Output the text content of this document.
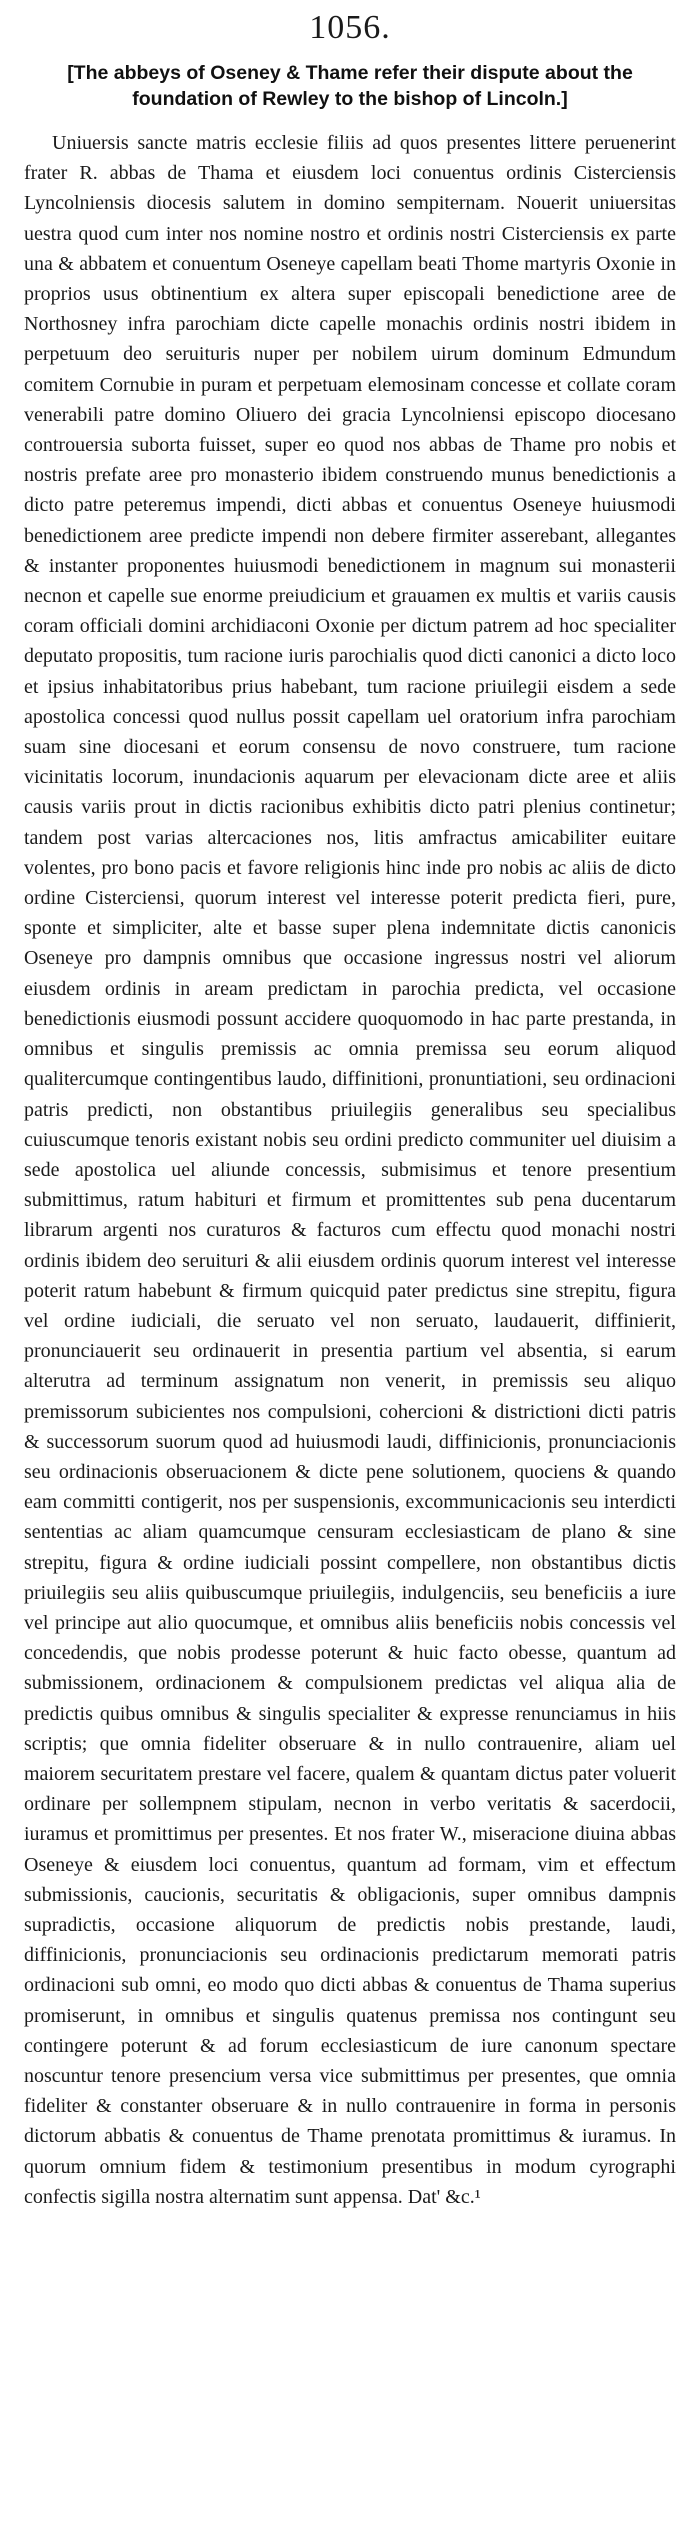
1056.
[The abbeys of Oseney & Thame refer their dispute about the foundation of Rewley to the bishop of Lincoln.]

Uniuersis sancte matris ecclesie filiis ad quos presentes littere peruenerint frater R. abbas de Thama et eiusdem loci conuentus ordinis Cisterciensis Lyncolniensis diocesis salutem in domino sempiternam. Nouerit uniuersitas uestra quod cum inter nos nomine nostro et ordinis nostri Cisterciensis ex parte una & abbatem et conuentum Oseneye capellam beati Thome martyris Oxonie in proprios usus obtinentium ex altera super episcopali benedictione aree de Northosney infra parochiam dicte capelle monachis ordinis nostri ibidem in perpetuum deo seruituris nuper per nobilem uirum dominum Edmundum comitem Cornubie in puram et perpetuam elemosinam concesse et collate coram venerabili patre domino Oliuero dei gracia Lyncolniensi episcopo diocesano controuersia suborta fuisset, super eo quod nos abbas de Thame pro nobis et nostris prefate aree pro monasterio ibidem construendo munus benedictionis a dicto patre peteremus impendi, dicti abbas et conuentus Oseneye huiusmodi benedictionem aree predicte impendi non debere firmiter asserebant, allegantes & instanter proponentes huiusmodi benedictionem in magnum sui monasterii necnon et capelle sue enorme preiudicium et grauamen ex multis et variis causis coram officiali domini archidiaconi Oxonie per dictum patrem ad hoc specialiter deputato propositis, tum racione iuris parochialis quod dicti canonici a dicto loco et ipsius inhabitatoribus prius habebant, tum racione priuilegii eisdem a sede apostolica concessi quod nullus possit capellam uel oratorium infra parochiam suam sine diocesani et eorum consensu de novo construere, tum racione vicinitatis locorum, inundacionis aquarum per elevacionam dicte aree et aliis causis variis prout in dictis racionibus exhibitis dicto patri plenius continetur; tandem post varias altercaciones nos, litis amfractus amicabiliter euitare volentes, pro bono pacis et favore religionis hinc inde pro nobis ac aliis de dicto ordine Cisterciensi, quorum interest vel interesse poterit predicta fieri, pure, sponte et simpliciter, alte et basse super plena indemnitate dictis canonicis Oseneye pro dampnis omnibus que occasione ingressus nostri vel aliorum eiusdem ordinis in aream predictam in parochia predicta, vel occasione benedictionis eiusmodi possunt accidere quoquomodo in hac parte prestanda, in omnibus et singulis premissis ac omnia premissa seu eorum aliquod qualitercumque contingentibus laudo, diffinitioni, pronuntiationi, seu ordinacioni patris predicti, non obstantibus priuilegiis generalibus seu specialibus cuiuscumque tenoris existant nobis seu ordini predicto communiter uel diuisim a sede apostolica uel aliunde concessis, submisimus et tenore presentium submittimus, ratum habituri et firmum et promittentes sub pena ducentarum librarum argenti nos curaturos & facturos cum effectu quod monachi nostri ordinis ibidem deo seruituri & alii eiusdem ordinis quorum interest vel interesse poterit ratum habebunt & firmum quicquid pater predictus sine strepitu, figura vel ordine iudiciali, die seruato vel non seruato, laudauerit, diffinierit, pronunciauerit seu ordinauerit in presentia partium vel absentia, si earum alterutra ad terminum assignatum non venerit, in premissis seu aliquo premissorum subicientes nos compulsioni, cohercioni & districtioni dicti patris & successorum suorum quod ad huiusmodi laudi, diffinicionis, pronunciacionis seu ordinacionis obseruacionem & dicte pene solutionem, quociens & quando eam committi contigerit, nos per suspensionis, excommunicacionis seu interdicti sententias ac aliam quamcumque censuram ecclesiasticam de plano & sine strepitu, figura & ordine iudiciali possint compellere, non obstantibus dictis priuilegiis seu aliis quibuscumque priuilegiis, indulgenciis, seu beneficiis a iure vel principe aut alio quocumque, et omnibus aliis beneficiis nobis concessis vel concedendis, que nobis prodesse poterunt & huic facto obesse, quantum ad submissionem, ordinacionem & compulsionem predictas vel aliqua alia de predictis quibus omnibus & singulis specialiter & expresse renunciamus in hiis scriptis; que omnia fideliter obseruare & in nullo contrauenire, aliam uel maiorem securitatem prestare vel facere, qualem & quantam dictus pater voluerit ordinare per sollempnem stipulam, necnon in verbo veritatis & sacerdocii, iuramus et promittimus per presentes. Et nos frater W., miseracione diuina abbas Oseneye & eiusdem loci conuentus, quantum ad formam, vim et effectum submissionis, caucionis, securitatis & obligacionis, super omnibus dampnis supradictis, occasione aliquorum de predictis nobis prestande, laudi, diffinicionis, pronunciacionis seu ordinacionis predictarum memorati patris ordinacioni sub omni, eo modo quo dicti abbas & conuentus de Thama superius promiserunt, in omnibus et singulis quatenus premissa nos contingunt seu contingere poterunt & ad forum ecclesiasticum de iure canonum spectare noscuntur tenore presencium versa vice submittimus per presentes, que omnia fideliter & constanter obseruare & in nullo contrauenire in forma in personis dictorum abbatis & conuentus de Thame prenotata promittimus & iuramus. In quorum omnium fidem & testimonium presentibus in modum cyrographi confectis sigilla nostra alternatim sunt appensa. Dat' &c.¹
